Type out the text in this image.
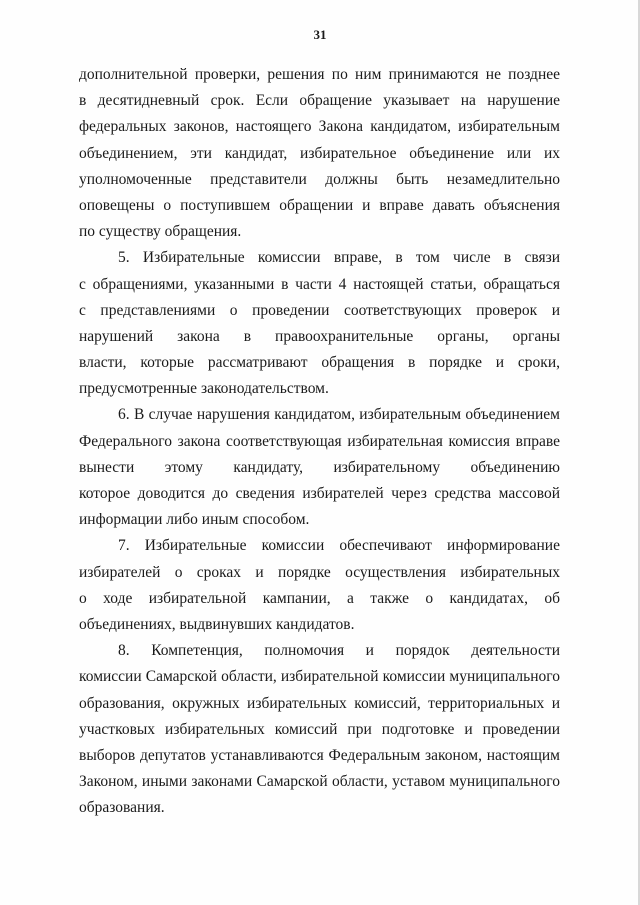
31
дополнительной проверки, решения по ним принимаются не позднее
в десятидневный срок. Если обращение указывает на нарушение
федеральных законов, настоящего Закона кандидатом, избирательным
объединением, эти кандидат, избирательное объединение или их
уполномоченные представители должны быть незамедлительно
оповещены о поступившем обращении и вправе давать объяснения
по существу обращения.
5. Избирательные комиссии вправе, в том числе в связи
с обращениями, указанными в части 4 настоящей статьи, обращаться
с представлениями о проведении соответствующих проверок и
нарушений закона в правоохранительные органы, органы
власти, которые рассматривают обращения в порядке и сроки,
предусмотренные законодательством.
6. В случае нарушения кандидатом, избирательным объединением
Федерального закона соответствующая избирательная комиссия вправе
вынести этому кандидату, избирательному объединению
которое доводится до сведения избирателей через средства массовой
информации либо иным способом.
7. Избирательные комиссии обеспечивают информирование
избирателей о сроках и порядке осуществления избирательных
о ходе избирательной кампании, а также о кандидатах, об
объединениях, выдвинувших кандидатов.
8. Компетенция, полномочия и порядок деятельности
комиссии Самарской области, избирательной комиссии муниципального
образования, окружных избирательных комиссий, территориальных и
участковых избирательных комиссий при подготовке и проведении
выборов депутатов устанавливаются Федеральным законом, настоящим
Законом, иными законами Самарской области, уставом муниципального
образования.
